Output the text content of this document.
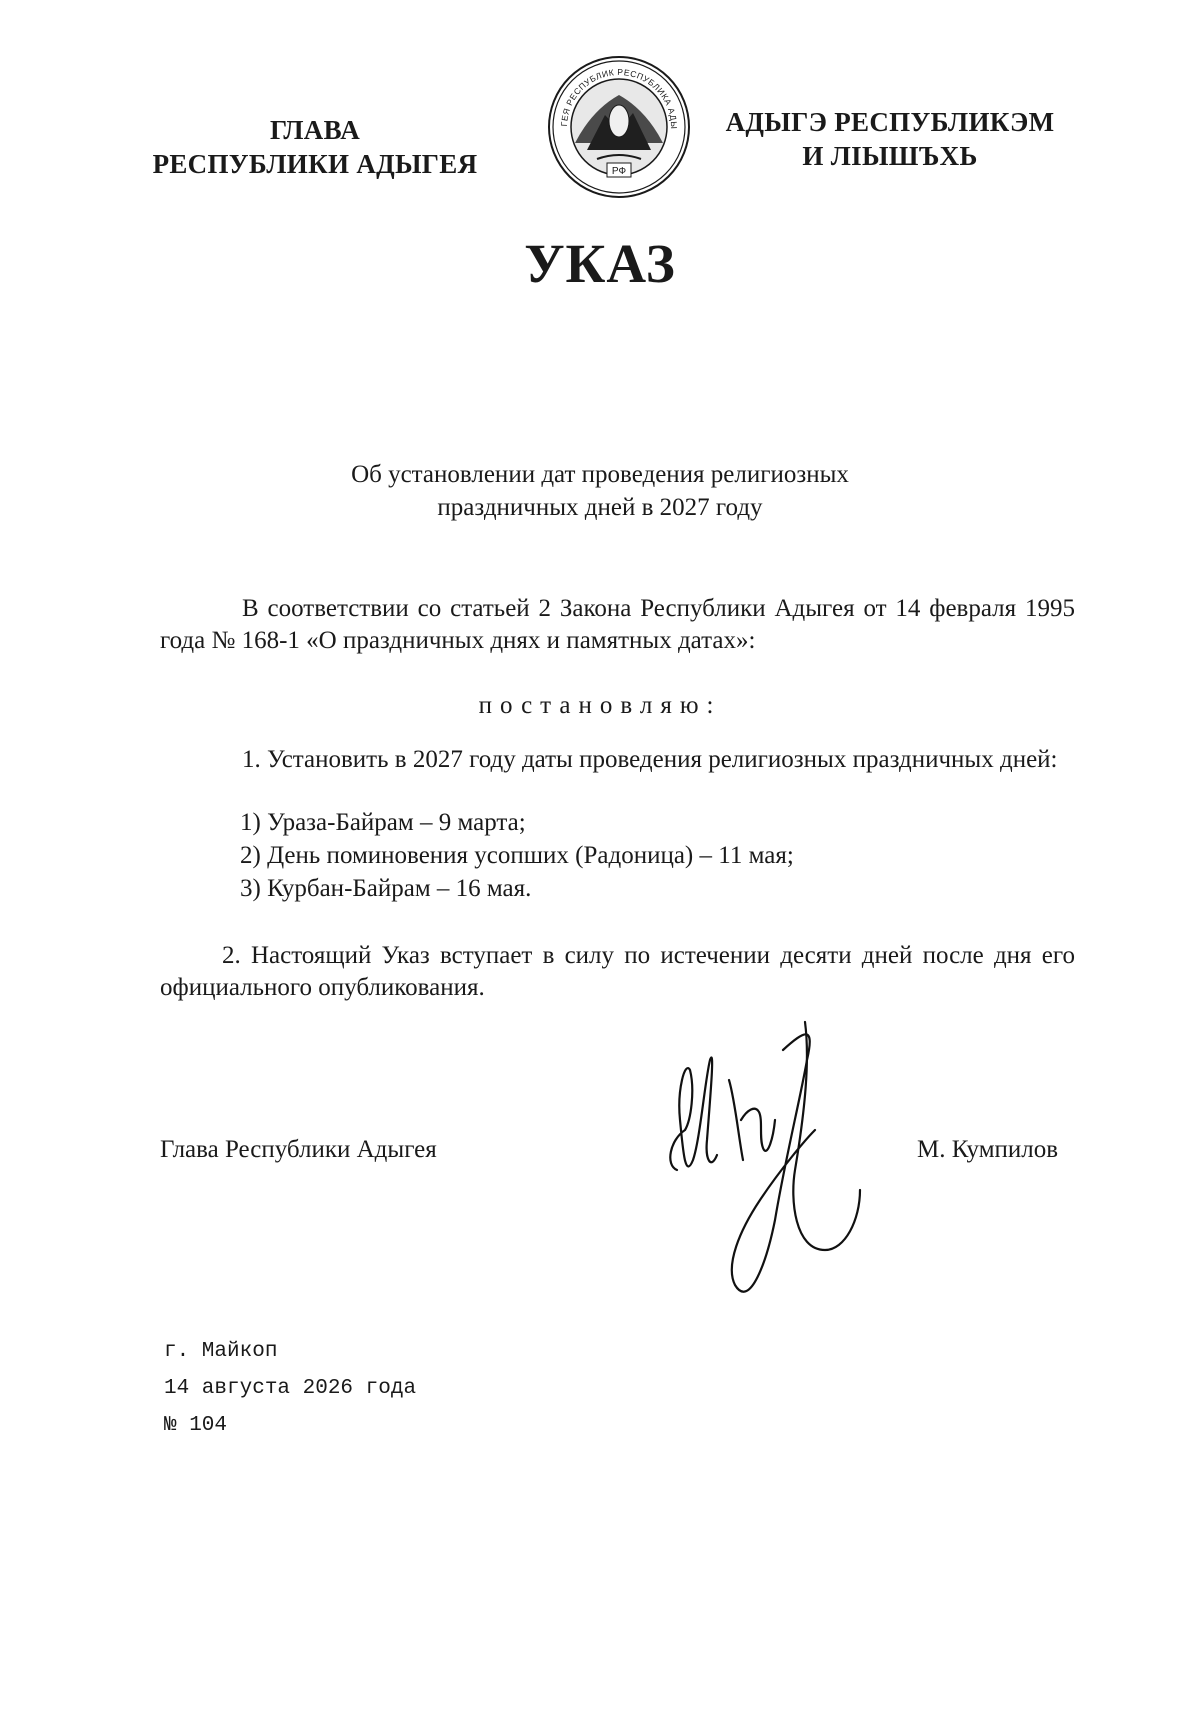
ГЛАВА
РЕСПУБЛИКИ АДЫГЕЯ	РФ
ГЕЯ РЕСПУБЛИК РЕСПУБЛИКА АДЫ АДЫГЭ РЕСПУБЛИКЭМ
И ЛІЫШЪХЬ
УКАЗ
Об установлении дат проведения религиозных
праздничных дней в 2027 году
В соответствии со статьей 2 Закона Республики Адыгея от 14 февраля 1995 года № 168-1 «О праздничных днях и памятных датах»:
постановляю:
1. Установить в 2027 году даты проведения религиозных праздничных дней:
1) Ураза-Байрам – 9 марта;
2) День поминовения усопших (Радоница) – 11 мая;
3) Курбан-Байрам – 16 мая.
2. Настоящий Указ вступает в силу по истечении десяти дней после дня его официального опубликования.
Глава Республики Адыгея	М. Кумпилов
г. Майкоп
14 августа 2026 года
№ 104
